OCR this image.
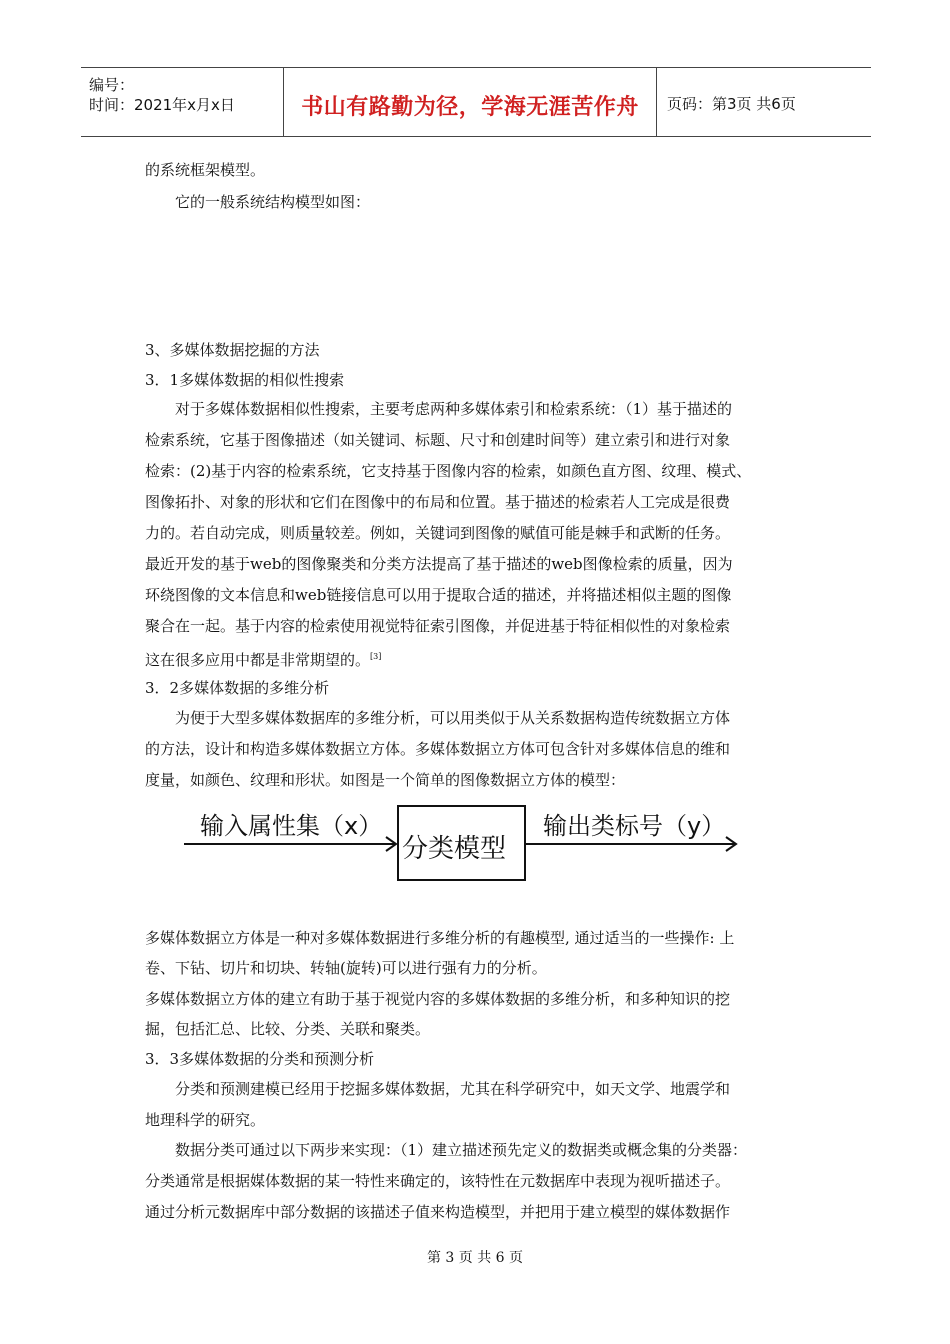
编号：
时间：2021年x月x日	书山有路勤为径，学海无涯苦作舟	页码：第3页 共6页
的系统框架模型。
它的一般系统结构模型如图：
3、多媒体数据挖掘的方法
3．1多媒体数据的相似性搜索
对于多媒体数据相似性搜索，主要考虑两种多媒体索引和检索系统：（1）基于描述的
检索系统，它基于图像描述（如关键词、标题、尺寸和创建时间等）建立索引和进行对象
检索：(2)基于内容的检索系统，它支持基于图像内容的检索，如颜色直方图、纹理、模式、
图像拓扑、对象的形状和它们在图像中的布局和位置。基于描述的检索若人工完成是很费
力的。若自动完成，则质量较差。例如，关键词到图像的赋值可能是棘手和武断的任务。
最近开发的基于web的图像聚类和分类方法提高了基于描述的web图像检索的质量，因为
环绕图像的文本信息和web链接信息可以用于提取合适的描述，并将描述相似主题的图像
聚合在一起。基于内容的检索使用视觉特征索引图像，并促进基于特征相似性的对象检索
这在很多应用中都是非常期望的。[3]
3．2多媒体数据的多维分析
为便于大型多媒体数据库的多维分析，可以用类似于从关系数据构造传统数据立方体
的方法，设计和构造多媒体数据立方体。多媒体数据立方体可包含针对多媒体信息的维和
度量，如颜色、纹理和形状。如图是一个简单的图像数据立方体的模型：
输入属性集（x）
分类模型
输出类标号（y）
多媒体数据立方体是一种对多媒体数据进行多维分析的有趣模型, 通过适当的一些操作: 上
卷、下钻、切片和切块、转轴(旋转)可以进行强有力的分析。
多媒体数据立方体的建立有助于基于视觉内容的多媒体数据的多维分析，和多种知识的挖
掘，包括汇总、比较、分类、关联和聚类。
3．3多媒体数据的分类和预测分析
分类和预测建模已经用于挖掘多媒体数据，尤其在科学研究中，如天文学、地震学和
地理科学的研究。
数据分类可通过以下两步来实现：（1）建立描述预先定义的数据类或概念集的分类器：
分类通常是根据媒体数据的某一特性来确定的，该特性在元数据库中表现为视听描述子。
通过分析元数据库中部分数据的该描述子值来构造模型，并把用于建立模型的媒体数据作
第 3 页 共 6 页
